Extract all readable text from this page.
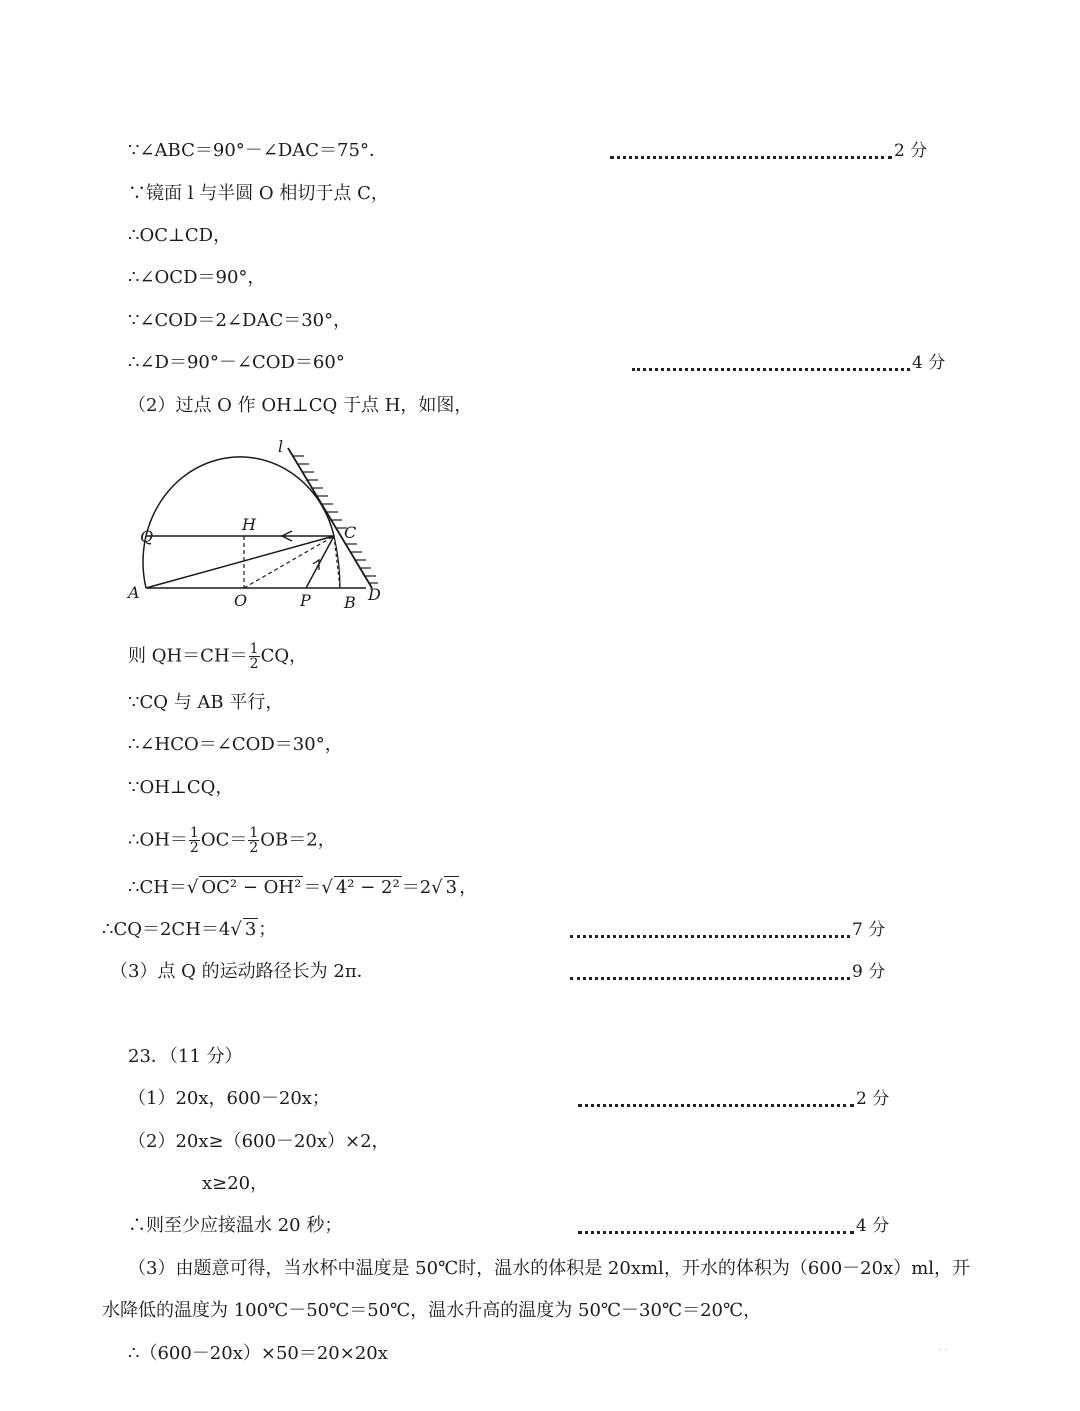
∵∠ABC＝90°－∠DAC＝75°．	2 分
∵镜面 l 与半圆 O 相切于点 C，
∴OC⊥CD，
∴∠OCD＝90°，
∵∠COD＝2∠DAC＝30°，
∴∠D＝90°－∠COD＝60°	4 分
（2）过点 O 作 OH⊥CQ 于点 H，如图，
l
Q
H	C
A	O	P B D
则 $QH=CH= \frac{1}{2}$ CQ，
∵CQ 与 AB 平行，
∴∠HCO＝∠COD＝30°，
∵OH⊥CQ，
∴OH＝ $\frac{1}{2} OC= \frac{1}{2} OB=2$，
∴CH＝√ OC² − OH² ＝√ 4² − 2² ＝2√ 3 ，
∴CQ＝2CH＝4√ 3 ；	7 分
（3）点 Q 的运动路径长为 2π．	9 分
23．（11 分）
（1）20x，600－20x；	2 分
（2）20x≥（600－20x）×2，
x≥20，
∴则至少应接温水 20 秒；	4 分
（3）由题意可得，当水杯中温度是 50℃时，温水的体积是 20xml，开水的体积为（600－20x）ml，开
水降低的温度为 100℃－50℃＝50℃，温水升高的温度为 50℃－30℃＝20℃，
∴（600－20x）×50＝20×20x	· ·
